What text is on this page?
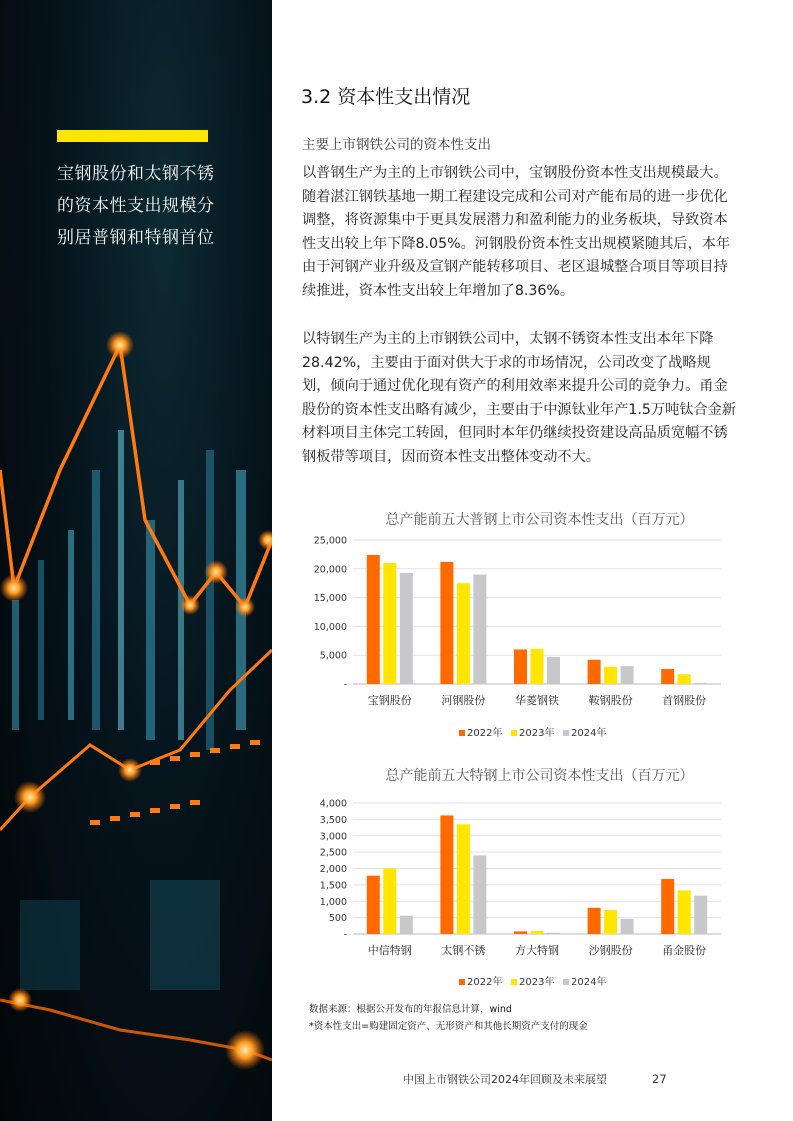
宝钢股份和太钢不锈的资本性支出规模分别居普钢和特钢首位
3.2 资本性支出情况
主要上市钢铁公司的资本性支出
以普钢生产为主的上市钢铁公司中，宝钢股份资本性支出规模最大。随着湛江钢铁基地一期工程建设完成和公司对产能布局的进一步优化调整，将资源集中于更具发展潜力和盈利能力的业务板块，导致资本性支出较上年下降8.05%。河钢股份资本性支出规模紧随其后，本年由于河钢产业升级及宣钢产能转移项目、老区退城整合项目等项目持续推进，资本性支出较上年增加了8.36%。
以特钢生产为主的上市钢铁公司中，太钢不锈资本性支出本年下降28.42%，主要由于面对供大于求的市场情况，公司改变了战略规划，倾向于通过优化现有资产的利用效率来提升公司的竞争力。甬金股份的资本性支出略有减少，主要由于中源钛业年产1.5万吨钛合金新材料项目主体完工转固，但同时本年仍继续投资建设高品质宽幅不锈钢板带等项目，因而资本性支出整体变动不大。
总产能前五大普钢上市公司资本性支出（百万元）
-
5,000
10,000
15,000
20,000
25,000
宝钢股份	河钢股份	华菱钢铁	鞍钢股份	首钢股份
2022年 2023年 2024年
总产能前五大特钢上市公司资本性支出（百万元）
-
500
1,000
1,500
2,000
2,500
3,000
3,500
4,000
中信特钢	太钢不锈	方大特钢	沙钢股份	甬金股份
2022年 2023年 2024年
数据来源：根据公开发布的年报信息计算，wind
*资本性支出=购建固定资产、无形资产和其他长期资产支付的现金
中国上市钢铁公司2024年回顾及未来展望	27
